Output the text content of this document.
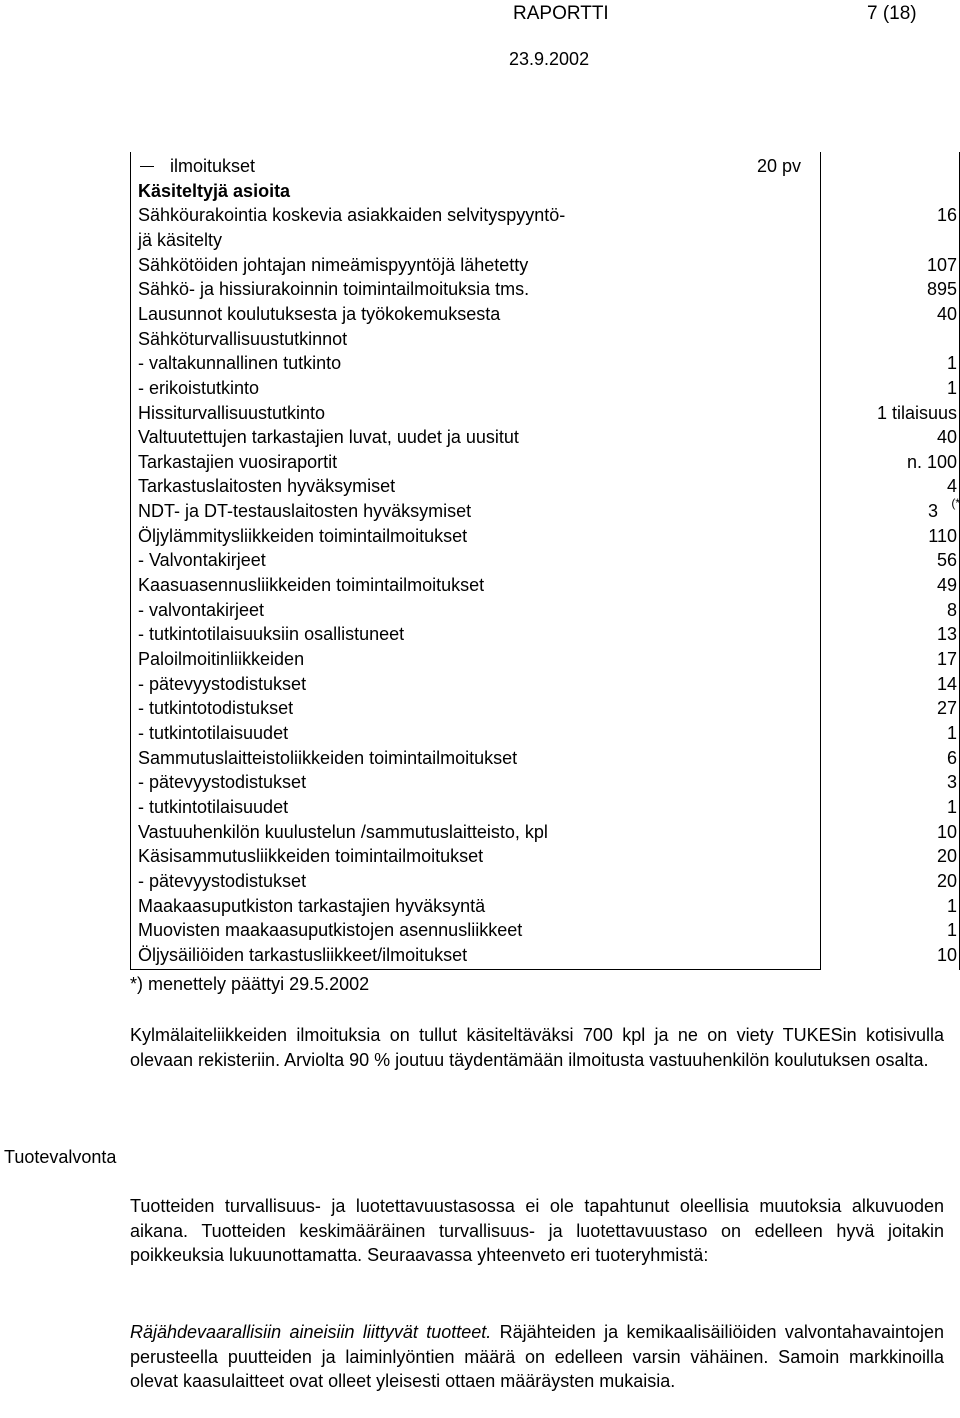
RAPORTTI	7 (18)
23.9.2002
ilmoitukset	20 pv
Käsiteltyjä asioita
Sähköurakointia koskevia asiakkaiden selvityspyyntö-	16
jä käsitelty
Sähkötöiden johtajan nimeämispyyntöjä lähetetty	107
Sähkö- ja hissiurakoinnin toimintailmoituksia tms.	895
Lausunnot koulutuksesta ja työkokemuksesta	40
Sähköturvallisuustutkinnot
- valtakunnallinen tutkinto	1
- erikoistutkinto	1
Hissiturvallisuustutkinto	1 tilaisuus
Valtuutettujen tarkastajien luvat, uudet ja uusitut	40
Tarkastajien vuosiraportit	n. 100
Tarkastuslaitosten hyväksymiset	4
NDT- ja DT-testauslaitosten hyväksymiset	3 (*
Öljylämmitysliikkeiden toimintailmoitukset	110
- Valvontakirjeet	56
Kaasuasennusliikkeiden toimintailmoitukset	49
- valvontakirjeet	8
- tutkintotilaisuuksiin osallistuneet	13
Paloilmoitinliikkeiden	17
- pätevyystodistukset	14
- tutkintotodistukset	27
- tutkintotilaisuudet	1
Sammutuslaitteistoliikkeiden toimintailmoitukset	6
- pätevyystodistukset	3
- tutkintotilaisuudet	1
Vastuuhenkilön kuulustelun /sammutuslaitteisto, kpl	10
Käsisammutusliikkeiden toimintailmoitukset	20
- pätevyystodistukset	20
Maakaasuputkiston tarkastajien hyväksyntä	1
Muovisten maakaasuputkistojen asennusliikkeet	1
Öljysäiliöiden tarkastusliikkeet/ilmoitukset	10
*) menettely päättyi 29.5.2002

Kylmälaiteliikkeiden ilmoituksia on tullut käsiteltäväksi 700 kpl ja ne on viety TUKESin kotisivulla olevaan rekisteriin. Arviolta 90 % joutuu täydentämään ilmoitusta vastuuhenkilön koulutuksen osalta.

Tuotevalvonta

Tuotteiden turvallisuus- ja luotettavuustasossa ei ole tapahtunut oleellisia muutoksia alkuvuoden aikana. Tuotteiden keskimääräinen turvallisuus- ja luotettavuustaso on edelleen hyvä joitakin poikkeuksia lukuunottamatta. Seuraavassa yhteenveto eri tuoteryhmistä:

Räjähdevaarallisiin aineisiin liittyvät tuotteet. Räjähteiden ja kemikaalisäiliöiden valvontahavaintojen perusteella puutteiden ja laiminlyöntien määrä on edelleen varsin vähäinen. Samoin markkinoilla olevat kaasulaitteet ovat olleet yleisesti ottaen määräysten mukaisia.
